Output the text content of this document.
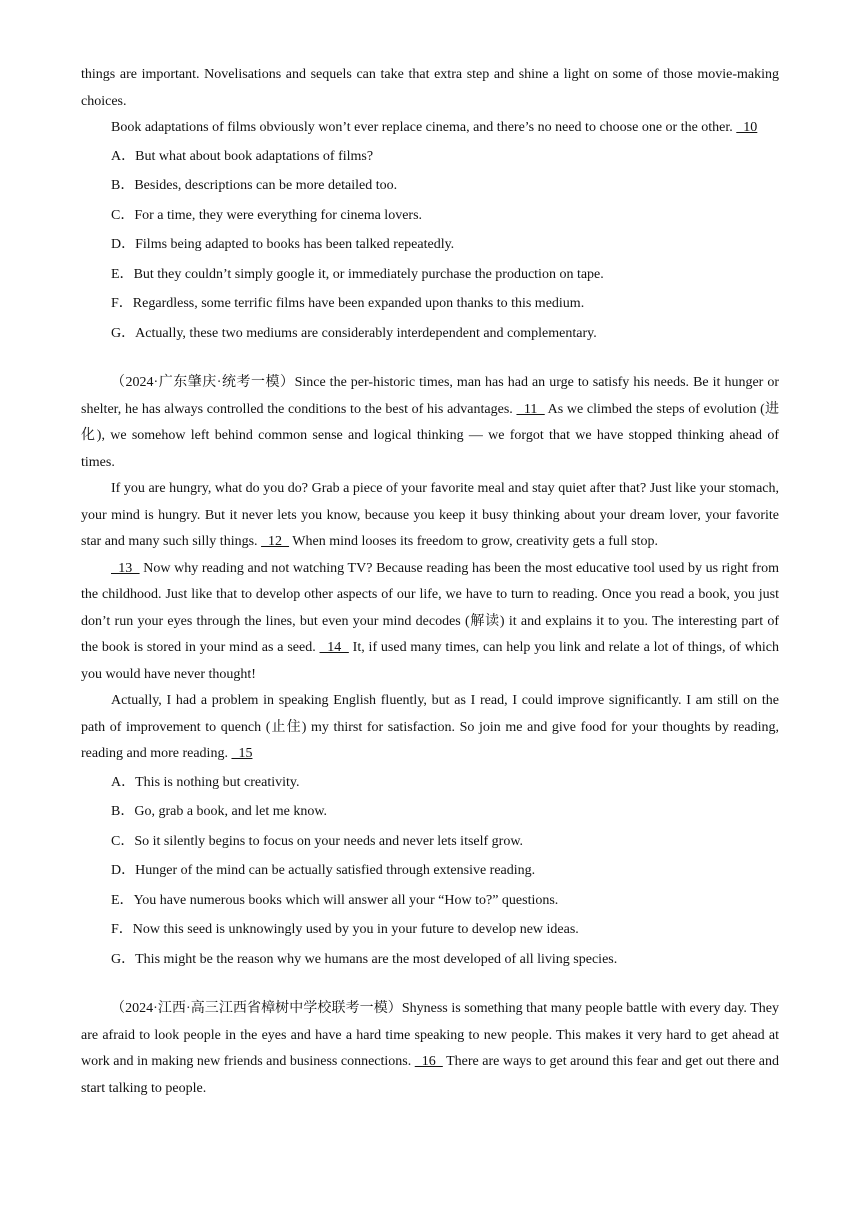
things are important. Novelisations and sequels can take that extra step and shine a light on some of those movie-making choices.

Book adaptations of films obviously won’t ever replace cinema, and there’s no need to choose one or the other.   10

A．But what about book adaptations of films?
B．Besides, descriptions can be more detailed too.
C．For a time, they were everything for cinema lovers.
D．Films being adapted to books has been talked repeatedly.
E．But they couldn’t simply google it, or immediately purchase the production on tape.
F．Regardless, some terrific films have been expanded upon thanks to this medium.
G．Actually, these two mediums are considerably interdependent and complementary.

（2024·广东肇庆·统考一模）Since the per-historic times, man has had an urge to satisfy his needs. Be it hunger or shelter, he has always controlled the conditions to the best of his advantages.   11   As we climbed the steps of evolution (进化), we somehow left behind common sense and logical thinking — we forgot that we have stopped thinking ahead of times.

If you are hungry, what do you do? Grab a piece of your favorite meal and stay quiet after that? Just like your stomach, your mind is hungry. But it never lets you know, because you keep it busy thinking about your dream lover, your favorite star and many such silly things.   12   When mind looses its freedom to grow, creativity gets a full stop.

13   Now why reading and not watching TV? Because reading has been the most educative tool used by us right from the childhood. Just like that to develop other aspects of our life, we have to turn to reading. Once you read a book, you just don’t run your eyes through the lines, but even your mind decodes (解读) it and explains it to you. The interesting part of the book is stored in your mind as a seed.   14   It, if used many times, can help you link and relate a lot of things, of which you would have never thought!

Actually, I had a problem in speaking English fluently, but as I read, I could improve significantly. I am still on the path of improvement to quench (止住) my thirst for satisfaction. So join me and give food for your thoughts by reading, reading and more reading.   15

A．This is nothing but creativity.
B．Go, grab a book, and let me know.
C．So it silently begins to focus on your needs and never lets itself grow.
D．Hunger of the mind can be actually satisfied through extensive reading.
E．You have numerous books which will answer all your “How to?” questions.
F．Now this seed is unknowingly used by you in your future to develop new ideas.
G．This might be the reason why we humans are the most developed of all living species.

（2024·江西·高三江西省樟树中学校联考一模）Shyness is something that many people battle with every day. They are afraid to look people in the eyes and have a hard time speaking to new people. This makes it very hard to get ahead at work and in making new friends and business connections.   16   There are ways to get around this fear and get out there and start talking to people.
